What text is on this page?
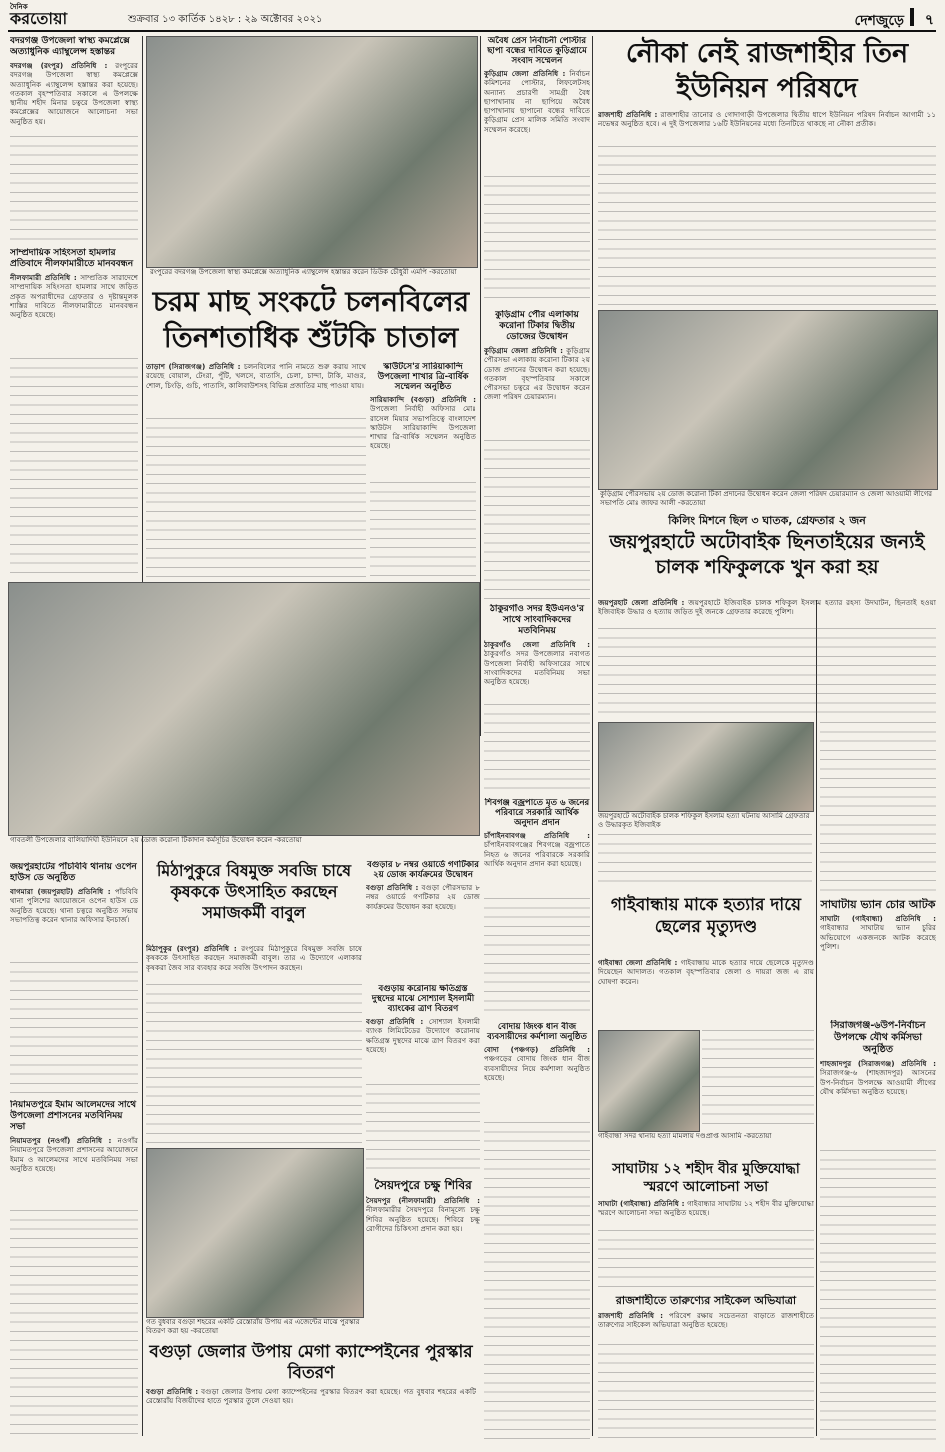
দৈনিক
করতোয়া	শুক্রবার ১৩ কার্তিক ১৪২৮ : ২৯ অক্টোবর ২০২১	দেশজুড়ে ৭
বদরগঞ্জ উপজেলা স্বাস্থ্য কমপ্লেক্সে অত্যাধুনিক এ্যাম্বুলেন্স হস্তান্তর
বদরগঞ্জ (রংপুর) প্রতিনিধি : রংপুরের বদরগঞ্জ উপজেলা স্বাস্থ্য কমপ্লেক্সে অত্যাধুনিক এ্যাম্বুলেন্স হস্তান্তর করা হয়েছে। গতকাল বৃহস্পতিবার সকালে এ উপলক্ষে স্থানীয় শহীদ মিনার চত্বরে উপজেলা স্বাস্থ্য কমপ্লেক্সের আয়োজনে আলোচনা সভা অনুষ্ঠিত হয়।
সাম্প্রদায়িক সহিংসতা হামলার প্রতিবাদে নীলফামারীতে মানববন্ধন
নীলফামারী প্রতিনিধি : সাম্প্রতিক সারাদেশে সাম্প্রদায়িক সহিংসতা হামলার সাথে জড়িত প্রকৃত অপরাধীদের গ্রেফতার ও দৃষ্টান্তমূলক শাস্তির দাবিতে নীলফামারীতে মানববন্ধন অনুষ্ঠিত হয়েছে।
রংপুরের বদরগঞ্জ উপজেলা স্বাস্থ্য কমপ্লেক্সে অত্যাধুনিক এ্যাম্বুলেন্স হস্তান্তর করেন ডিউক চৌধুরী এমপি -করতোয়া
চরম মাছ সংকটে চলনবিলের তিনশতাধিক শুঁটকি চাতাল
তাড়াশ (সিরাজগঞ্জ) প্রতিনিধি : চলনবিলের পানি নামতে শুরু করায় সাথে রয়েছে বোয়াল, টেংরা, পুঁটি, খলসে, বাতাসি, চেলা, চান্দা, টাকি, মাগুর, শোল, চিংড়ি, গুচি, পাতাসি, কালিবাউশসহ বিভিন্ন প্রজাতির মাছ পাওয়া যায়।
স্কাউটসে'র সারিয়াকান্দি উপজেলা শাখার ত্রি-বার্ষিক সম্মেলন অনুষ্ঠিত
সারিয়াকান্দি (বগুড়া) প্রতিনিধি : উপজেলা নির্বাহী অফিসার মোঃ রাসেল মিয়ার সভাপতিত্বে বাংলাদেশ স্কাউটস সারিয়াকান্দি উপজেলা শাখার ত্রি-বার্ষিক সম্মেলন অনুষ্ঠিত হয়েছে।
অবৈধ প্রেস নির্বাচনী পোস্টার ছাপা বন্ধের দাবিতে কুড়িগ্রামে সংবাদ সম্মেলন
কুড়িগ্রাম জেলা প্রতিনিধি : নির্বাচন কমিশনের পোস্টার, লিফলেটসহ অন্যান্য প্রচারণী সামগ্রী বৈধ ছাপাখানায় না ছাপিয়ে অবৈধ ছাপাখানায় ছাপানো বন্ধের দাবিতে কুড়িগ্রাম প্রেস মালিক সমিতি সংবাদ সম্মেলন করেছে।
কুড়িগ্রাম পৌর এলাকায় করোনা টিকার দ্বিতীয় ডোজের উদ্বোধন
কুড়িগ্রাম জেলা প্রতিনিধি : কুড়িগ্রাম পৌরসভা এলাকায় করোনা টিকার ২য় ডোজ প্রদানের উদ্বোধন করা হয়েছে। গতকাল বৃহস্পতিবার সকালে পৌরসভা চত্বরে এর উদ্বোধন করেন জেলা পরিষদ চেয়ারম্যান।
নৌকা নেই রাজশাহীর তিন ইউনিয়ন পরিষদে
রাজশাহী প্রতিনিধি : রাজশাহীর তানোর ও গোদাগাড়ী উপজেলার দ্বিতীয় ধাপে ইউনিয়ন পরিষদ নির্বাচন আগামী ১১ নভেম্বর অনুষ্ঠিত হবে। এ দুই উপজেলার ১৬টি ইউনিয়নের মধ্যে তিনটিতে থাকছে না নৌকা প্রতীক।
কুড়িগ্রাম পৌরসভায় ২য় ডোজ করোনা টিকা প্রদানের উদ্বোধন করেন জেলা পরিষদ চেয়ারম্যান ও জেলা আওয়ামী লীগের সভাপতি মোঃ জাফর আলী -করতোয়া
কিলিং মিশনে ছিল ৩ ঘাতক, গ্রেফতার ২ জন
জয়পুরহাটে অটোবাইক ছিনতাইয়ের জন্যই চালক শফিকুলকে খুন করা হয়
জয়পুরহাট জেলা প্রতিনিধি : জয়পুরহাটে ইজিবাইক চালক শফিকুল ইসলাম হত্যার রহস্য উদঘাটন, ছিনতাই হওয়া ইজিবাইক উদ্ধার ও হত্যায় জড়িত দুই জনকে গ্রেফতার করেছে পুলিশ।
জয়পুরহাটে অটোবাইক চালক শফিকুল ইসলাম হত্যা ঘটনায় আসামি গ্রেফতার ও উদ্ধারকৃত ইজিবাইক
সাঘাটায় ভ্যান চোর আটক
সাঘাটা (গাইবান্ধা) প্রতিনিধি : গাইবান্ধার সাঘাটায় ভ্যান চুরির অভিযোগে একজনকে আটক করেছে পুলিশ।
সিরাজগঞ্জ-৬উপ-নির্বাচন উপলক্ষে যৌথ কর্মিসভা অনুষ্ঠিত
শাহজাদপুর (সিরাজগঞ্জ) প্রতিনিধি : সিরাজগঞ্জ-৬ (শাহজাদপুর) আসনের উপ-নির্বাচন উপলক্ষে আওয়ামী লীগের যৌথ কর্মিসভা অনুষ্ঠিত হয়েছে।
গাবতলী উপজেলার বালিয়াদিঘী ইউনিয়নে ২য় ডোজ করোনা টিকাদান কর্মসূচির উদ্বোধন করেন -করতোয়া
ঠাকুরগাঁও সদর ইউএনও'র সাথে সাংবাদিকদের মতবিনিময়
ঠাকুরগাঁও জেলা প্রতিনিধি : ঠাকুরগাঁও সদর উপজেলার নবাগত উপজেলা নির্বাহী অফিসারের সাথে সাংবাদিকদের মতবিনিময় সভা অনুষ্ঠিত হয়েছে।
জয়পুরহাটের পাঁচবিবি থানায় ওপেন হাউস ডে অনুষ্ঠিত
বাগমারা (জয়পুরহাট) প্রতিনিধি : পাঁচবিবি থানা পুলিশের আয়োজনে ওপেন হাউস ডে অনুষ্ঠিত হয়েছে। থানা চত্বরে অনুষ্ঠিত সভায় সভাপতিত্ব করেন থানার অফিসার ইনচার্জ।
নিয়ামতপুরে ইমাম আলেমদের সাথে উপজেলা প্রশাসনের মতবিনিময় সভা
নিয়ামতপুর (নওগাঁ) প্রতিনিধি : নওগাঁর নিয়ামতপুরে উপজেলা প্রশাসনের আয়োজনে ইমাম ও আলেমদের সাথে মতবিনিময় সভা অনুষ্ঠিত হয়েছে।
মিঠাপুকুরে বিষমুক্ত সবজি চাষে কৃষককে উৎসাহিত করছেন সমাজকর্মী বাবুল
মিঠাপুকুর (রংপুর) প্রতিনিধি : রংপুরের মিঠাপুকুরে বিষমুক্ত সবজি চাষে কৃষককে উৎসাহিত করছেন সমাজকর্মী বাবুল। তার এ উদ্যোগে এলাকার কৃষকরা জৈব সার ব্যবহার করে সবজি উৎপাদন করছেন।
গত বুধবার বগুড়া শহরের একটি রেস্তোরাঁয় উপায় এর এজেন্টের মাঝে পুরস্কার বিতরণ করা হয় -করতোয়া
বগুড়া জেলার উপায় মেগা ক্যাম্পেইনের পুরস্কার বিতরণ
বগুড়া প্রতিনিধি : বগুড়া জেলার উপায় মেগা ক্যাম্পেইনের পুরস্কার বিতরণ করা হয়েছে। গত বুধবার শহরের একটি রেস্তোরাঁয় বিজয়ীদের হাতে পুরস্কার তুলে দেওয়া হয়।
বগুড়ার ৮ নম্বর ওয়ার্ডে গণটিকার ২য় ডোজ কার্যক্রমের উদ্বোধন
বগুড়া প্রতিনিধি : বগুড়া পৌরসভার ৮ নম্বর ওয়ার্ডে গণটিকার ২য় ডোজ কার্যক্রমের উদ্বোধন করা হয়েছে।
বগুড়ায় করোনায় ক্ষতিগ্রস্ত দুস্থদের মাঝে সোশ্যাল ইসলামী ব্যাংকের ত্রাণ বিতরণ
বগুড়া প্রতিনিধি : সোশ্যাল ইসলামী ব্যাংক লিমিটেডের উদ্যোগে করোনায় ক্ষতিগ্রস্ত দুস্থদের মাঝে ত্রাণ বিতরণ করা হয়েছে।
সৈয়দপুরে চক্ষু শিবির
সৈয়দপুর (নীলফামারী) প্রতিনিধি : নীলফামারীর সৈয়দপুরে বিনামূল্যে চক্ষু শিবির অনুষ্ঠিত হয়েছে। শিবিরে চক্ষু রোগীদের চিকিৎসা প্রদান করা হয়।
শিবগঞ্জ বজ্রপাতে মৃত ৬ জনের পরিবারে সরকারি আর্থিক অনুদান প্রদান
চাঁপাইনবাবগঞ্জ প্রতিনিধি : চাঁপাইনবাবগঞ্জের শিবগঞ্জে বজ্রপাতে নিহত ৬ জনের পরিবারকে সরকারি আর্থিক অনুদান প্রদান করা হয়েছে।
বোদায় জিংক ধান বীজ ব্যবসায়ীদের কর্মশালা অনুষ্ঠিত
বোদা (পঞ্চগড়) প্রতিনিধি : পঞ্চগড়ের বোদায় জিংক ধান বীজ ব্যবসায়ীদের নিয়ে কর্মশালা অনুষ্ঠিত হয়েছে।
গাইবান্ধায় মাকে হত্যার দায়ে ছেলের মৃত্যুদণ্ড
গাইবান্ধা জেলা প্রতিনিধি : গাইবান্ধায় মাকে হত্যার দায়ে ছেলেকে মৃত্যুদণ্ড দিয়েছেন আদালত। গতকাল বৃহস্পতিবার জেলা ও দায়রা জজ এ রায় ঘোষণা করেন।
গাইবান্ধা সদর থানায় হত্যা মামলায় দণ্ডপ্রাপ্ত আসামি -করতোয়া
সাঘাটায় ১২ শহীদ বীর মুক্তিযোদ্ধা স্মরণে আলোচনা সভা
সাঘাটা (গাইবান্ধা) প্রতিনিধি : গাইবান্ধার সাঘাটায় ১২ শহীদ বীর মুক্তিযোদ্ধা স্মরণে আলোচনা সভা অনুষ্ঠিত হয়েছে।
রাজশাহীতে তারুণ্যের সাইকেল অভিযাত্রা
রাজশাহী প্রতিনিধি : পরিবেশ রক্ষায় সচেতনতা বাড়াতে রাজশাহীতে তারুণ্যের সাইকেল অভিযাত্রা অনুষ্ঠিত হয়েছে।
